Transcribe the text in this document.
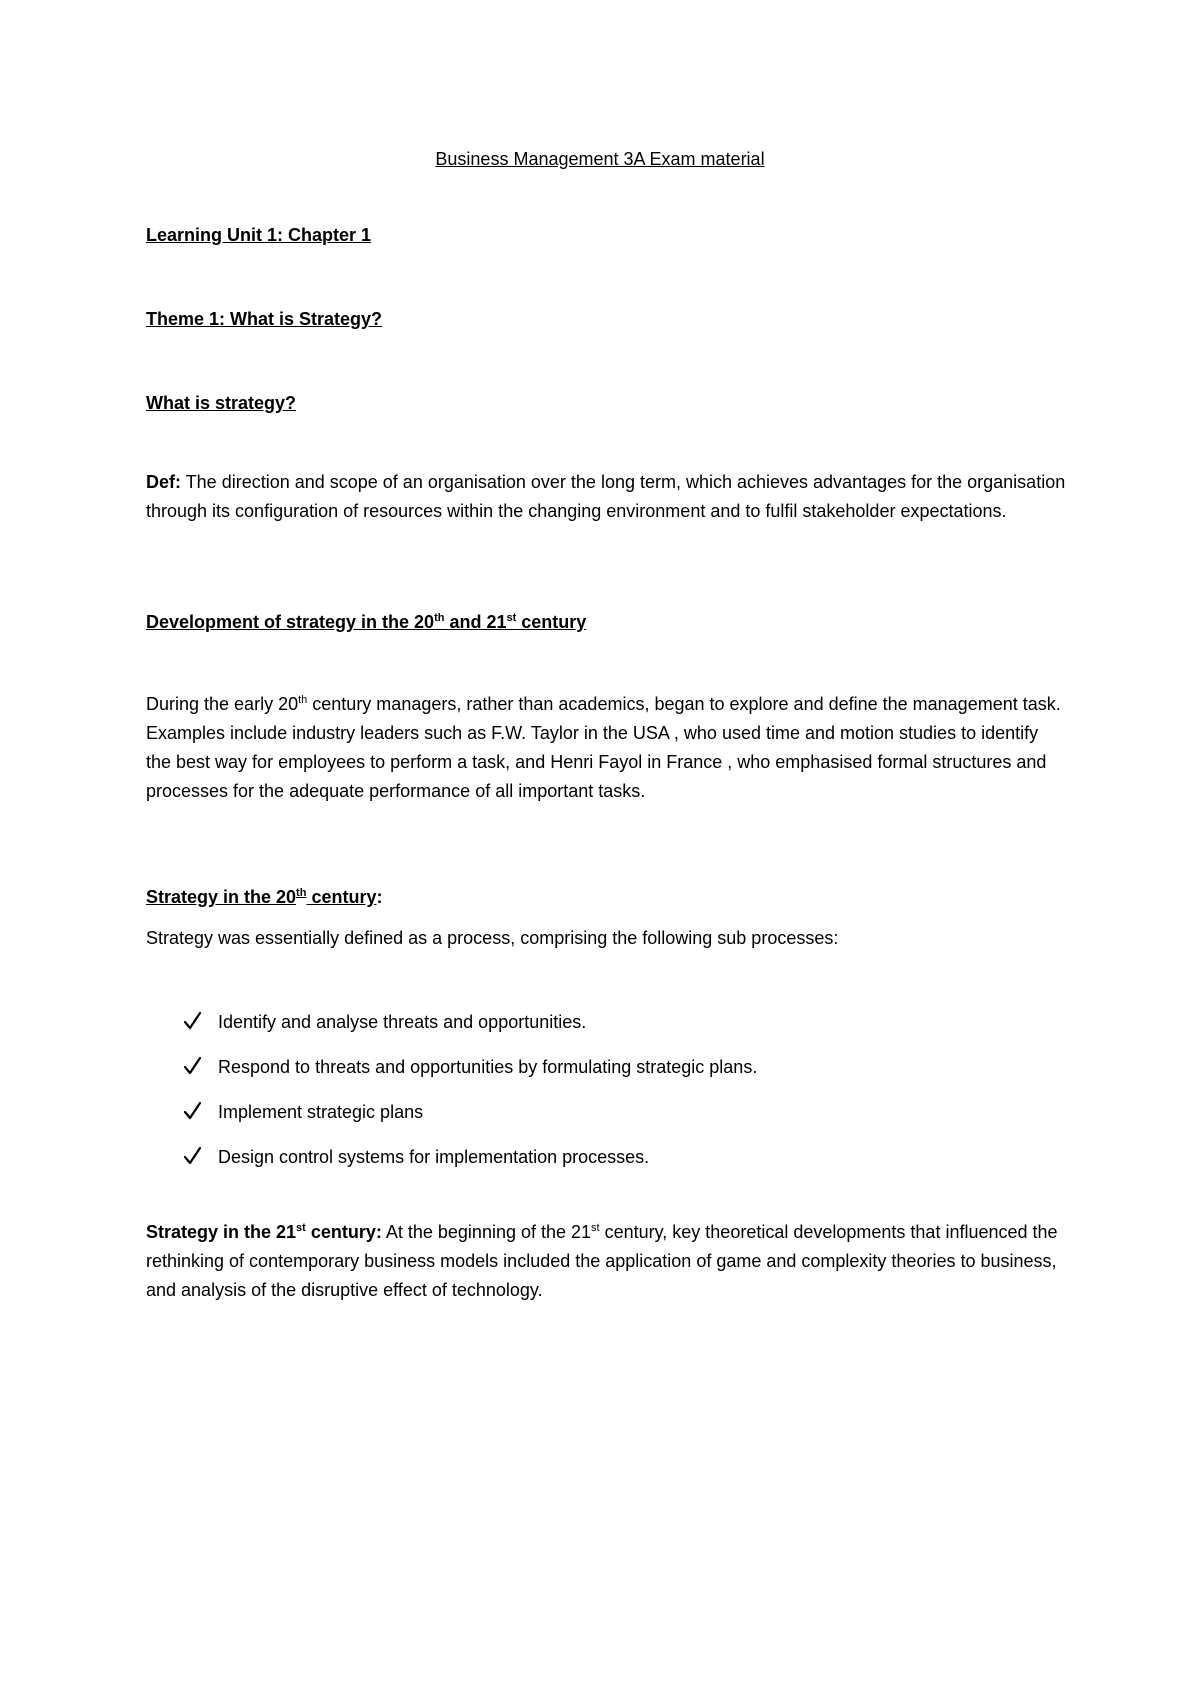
Business Management 3A Exam material
Learning Unit 1: Chapter 1
Theme 1: What is Strategy?
What is strategy?
Def: The direction and scope of an organisation over the long term, which achieves advantages for the organisation through its configuration of resources within the changing environment and to fulfil stakeholder expectations.
Development of strategy in the 20th and 21st century
During the early 20th century managers, rather than academics, began to explore and define the management task. Examples include industry leaders such as F.W. Taylor in the USA , who used time and motion studies to identify the best way for employees to perform a task, and Henri Fayol in France , who emphasised formal structures and processes for the adequate performance of all important tasks.
Strategy in the 20th century:
Strategy was essentially defined as a process, comprising the following sub processes:
Identify and analyse threats and opportunities.
Respond to threats and opportunities by formulating strategic plans.
Implement strategic plans
Design control systems for implementation processes.
Strategy in the 21st century: At the beginning of the 21st century, key theoretical developments that influenced the rethinking of contemporary business models included the application of game and complexity theories to business, and analysis of the disruptive effect of technology.
